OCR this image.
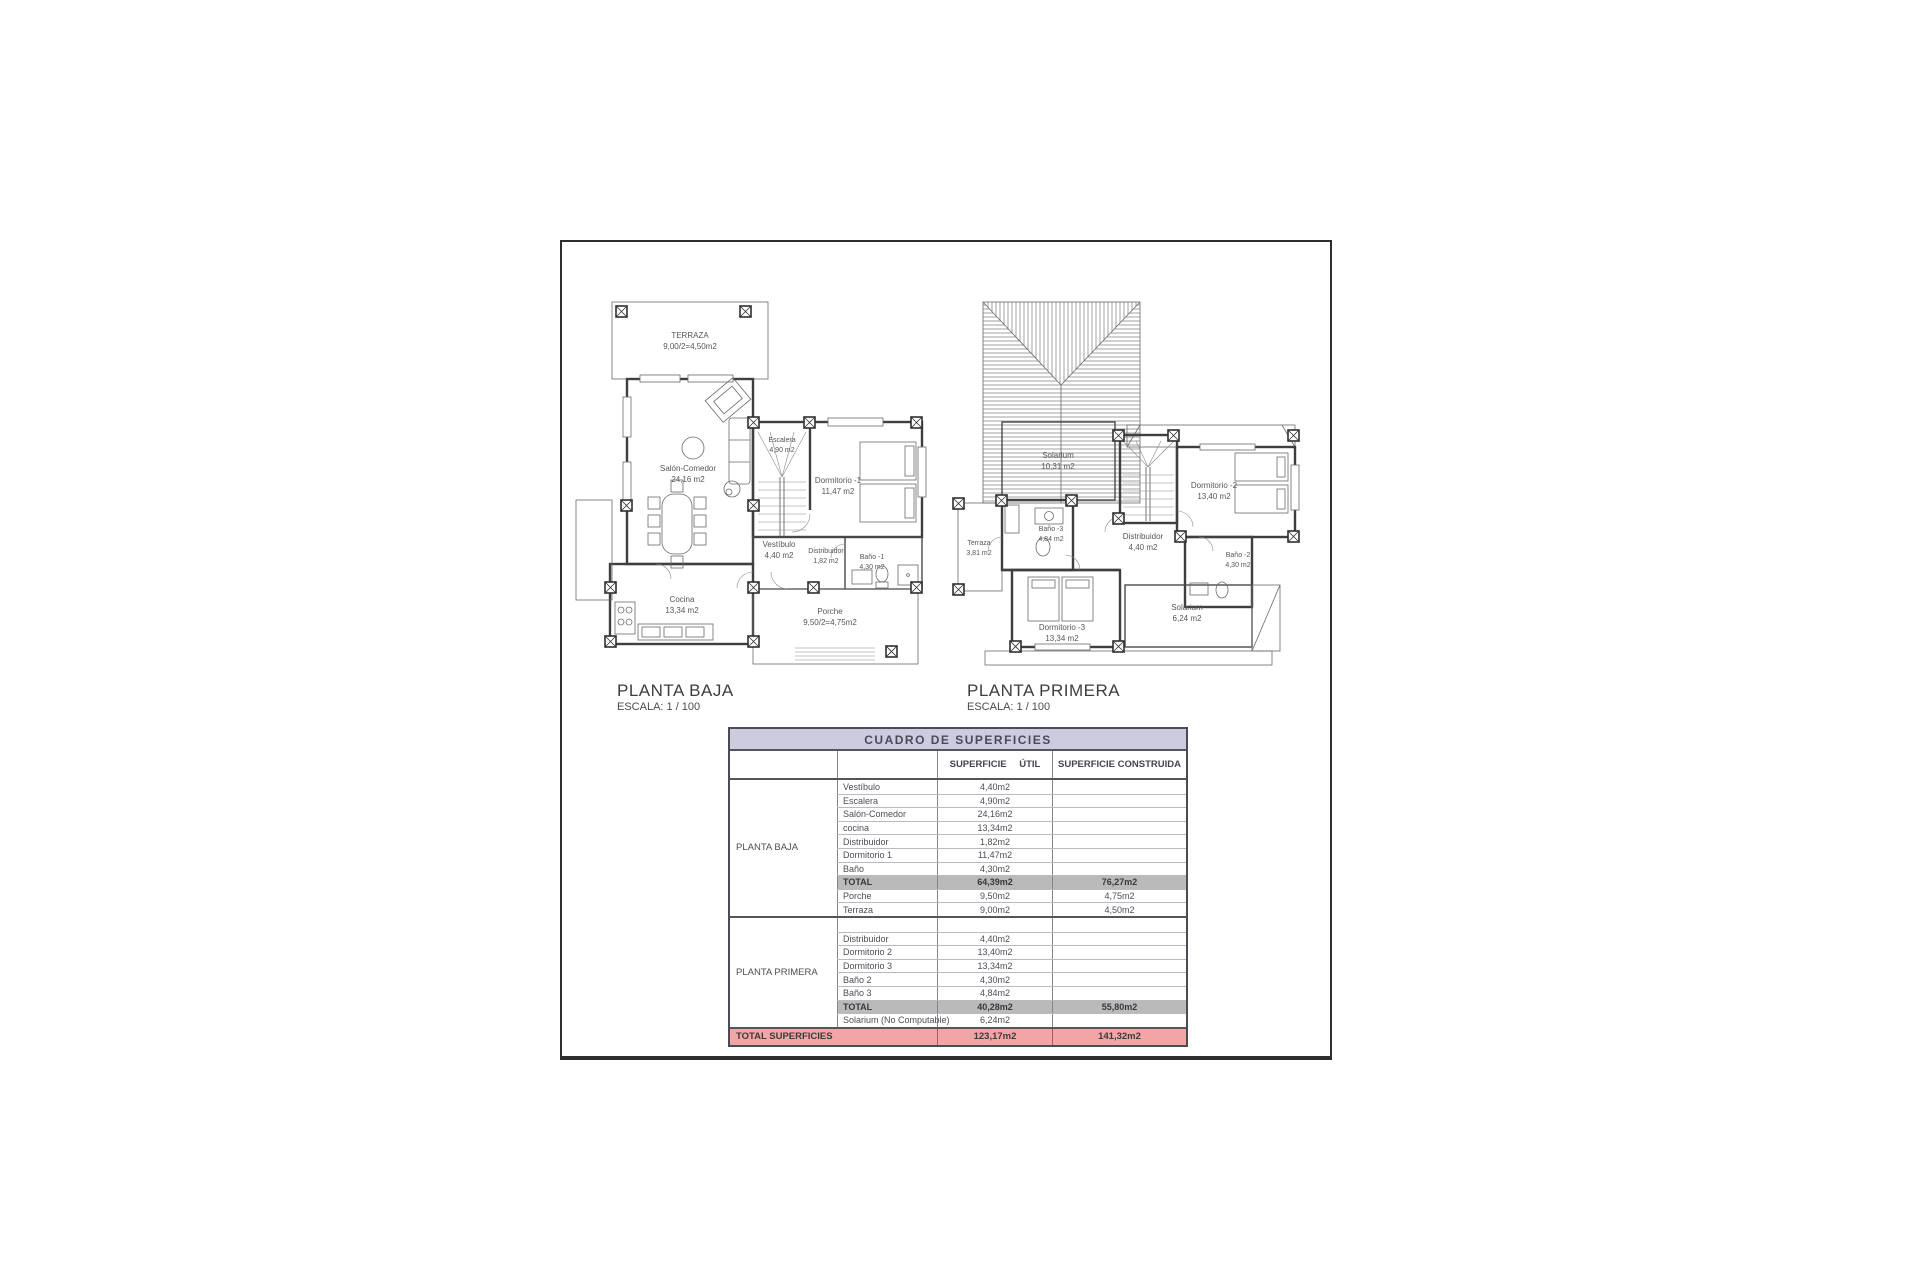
TERRAZA
9,00/2=4,50m2
Salón-Comedor
24,16 m2
Escalera
4,90 m2
Dormitorio -1
11,47 m2
Vestíbulo
4,40 m2 Distribuidor
1,82 m2
Baño -1
4,30 m2
Cocina
13,34 m2	Porche
9,50/2=4,75m2
Solarium
10,31 m2
Dormitorio -2
13,40 m2
Terraza
3,81 m2
Baño -3
4,84 m2	Distribuidor
4,40 m2
Baño -2
4,30 m2
Dormitorio -3
13,34 m2
Solarium
6,24 m2
PLANTA BAJA
ESCALA: 1 / 100
PLANTA PRIMERA
ESCALA: 1 / 100
CUADRO DE SUPERFICIES
SUPERFICIE ÚTIL	SUPERFICIE CONSTRUIDA
PLANTA BAJA
Vestíbulo	4,40m2
Escalera	4,90m2
Salón-Comedor	24,16m2
cocina	13,34m2
Distribuidor	1,82m2
Dormitorio 1	11,47m2
Baño	4,30m2
TOTAL	64,39m2	76,27m2
Porche	9,50m2	4,75m2
Terraza	9,00m2	4,50m2
PLANTA PRIMERA
Distribuidor	4,40m2
Dormitorio 2	13,40m2
Dormitorio 3	13,34m2
Baño 2	4,30m2
Baño 3	4,84m2
TOTAL	40,28m2	55,80m2
Solarium (No Computable)	6,24m2
TOTAL SUPERFICIES	123,17m2	141,32m2
